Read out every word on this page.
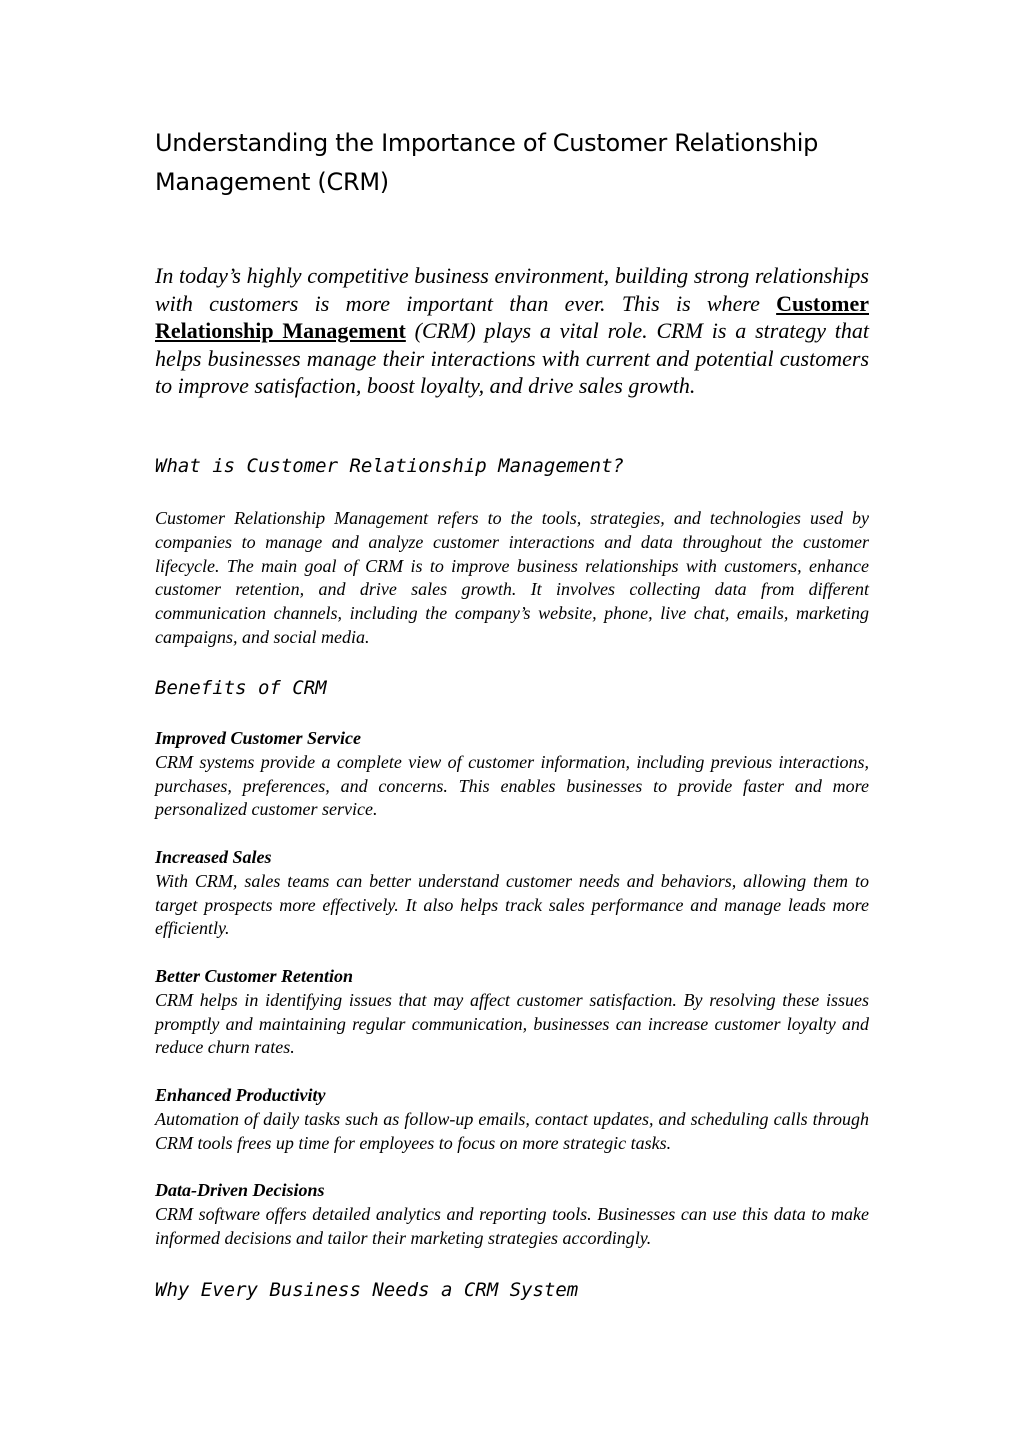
Understanding the Importance of Customer Relationship Management (CRM)

In today’s highly competitive business environment, building strong relationships with customers is more important than ever. This is where Customer Relationship Management (CRM) plays a vital role. CRM is a strategy that helps businesses manage their interactions with current and potential customers to improve satisfaction, boost loyalty, and drive sales growth.

What is Customer Relationship Management?

Customer Relationship Management refers to the tools, strategies, and technologies used by companies to manage and analyze customer interactions and data throughout the customer lifecycle. The main goal of CRM is to improve business relationships with customers, enhance customer retention, and drive sales growth. It involves collecting data from different communication channels, including the company’s website, phone, live chat, emails, marketing campaigns, and social media.

Benefits of CRM
Improved Customer Service
CRM systems provide a complete view of customer information, including previous interactions, purchases, preferences, and concerns. This enables businesses to provide faster and more personalized customer service.
Increased Sales
With CRM, sales teams can better understand customer needs and behaviors, allowing them to target prospects more effectively. It also helps track sales performance and manage leads more efficiently.
Better Customer Retention
CRM helps in identifying issues that may affect customer satisfaction. By resolving these issues promptly and maintaining regular communication, businesses can increase customer loyalty and reduce churn rates.
Enhanced Productivity
Automation of daily tasks such as follow-up emails, contact updates, and scheduling calls through CRM tools frees up time for employees to focus on more strategic tasks.
Data-Driven Decisions
CRM software offers detailed analytics and reporting tools. Businesses can use this data to make informed decisions and tailor their marketing strategies accordingly.
Why Every Business Needs a CRM System
